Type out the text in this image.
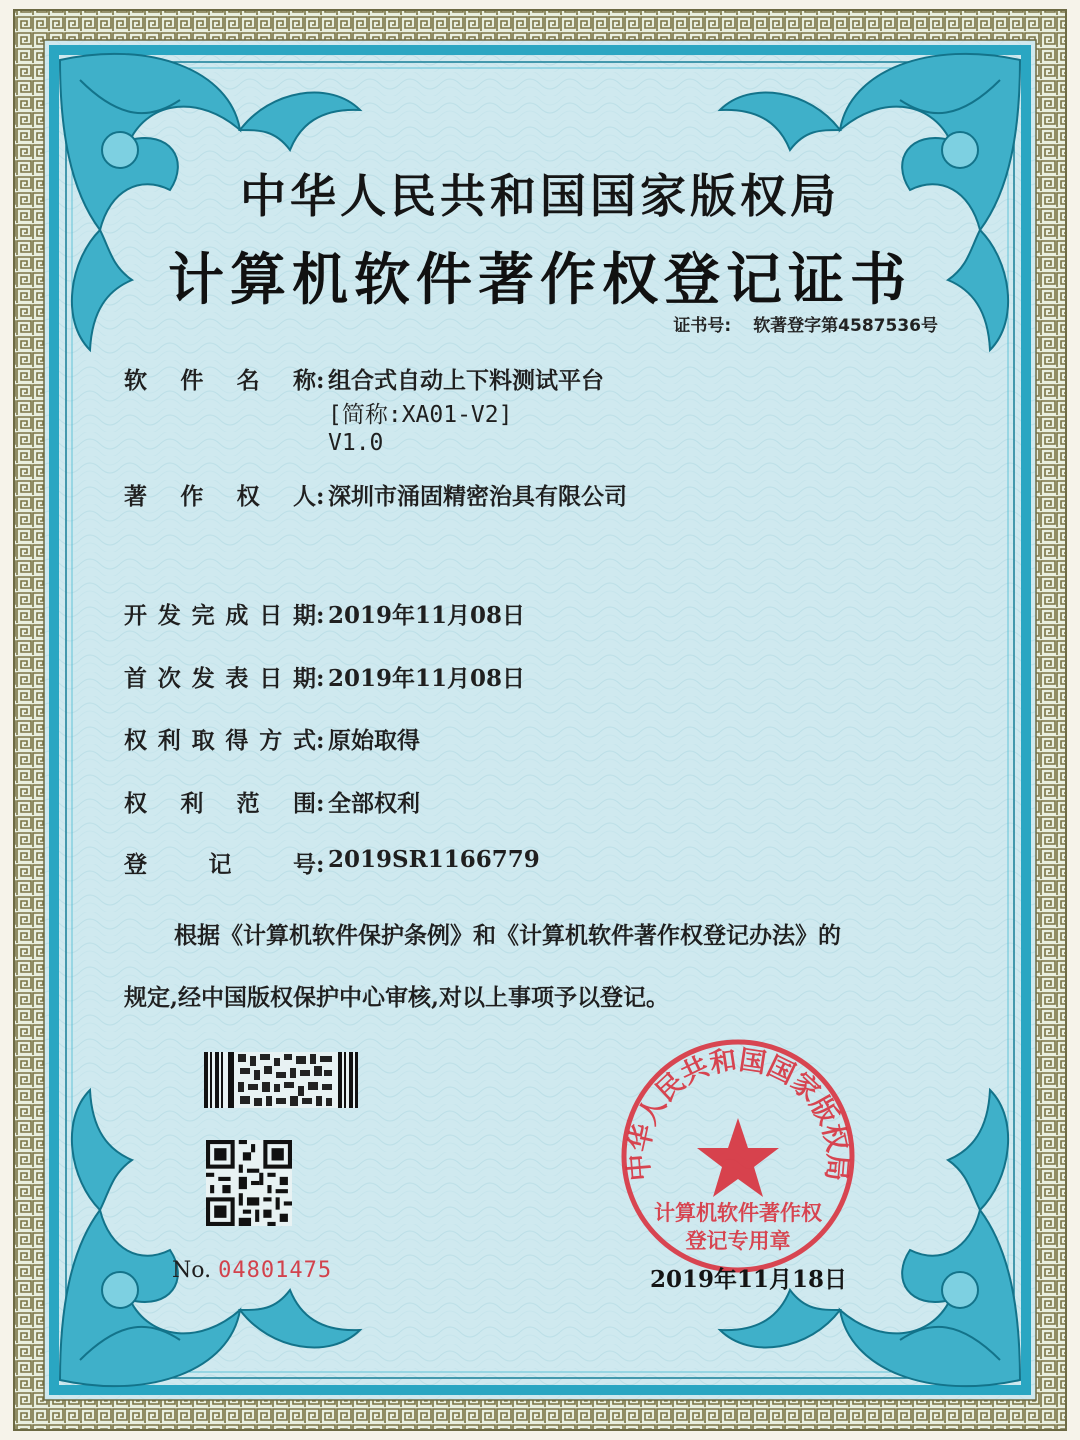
中华人民共和国国家版权局
计算机软件著作权登记证书
证书号: 软著登字第4587536号
软件名称: 组合式自动上下料测试平台
[简称:XA01-V2]
V1.0
著作权人: 深圳市涌固精密治具有限公司
开发完成日期: 2019年11月08日
首次发表日期: 2019年11月08日
权利取得方式: 原始取得
权利范围: 全部权利
登记号: 2019SR1166779
根据《计算机软件保护条例》和《计算机软件著作权登记办法》的
规定,经中国版权保护中心审核,对以上事项予以登记。
No. 04801475
中华人民共和国国家版权局
计算机软件著作权
登记专用章
2019年11月18日
